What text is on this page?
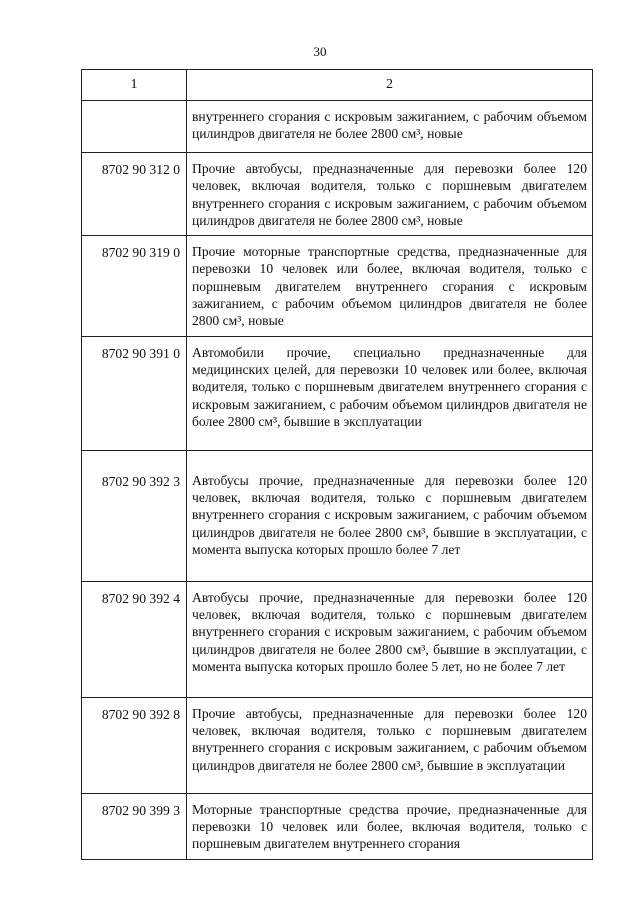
30
1	2
	внутреннего сгорания с искровым зажиганием, с рабочим объемом цилиндров двигателя не более 2800 см³, новые
8702 90 312 0	Прочие автобусы, предназначенные для перевозки более 120 человек, включая водителя, только с поршневым двигателем внутреннего сгорания с искровым зажиганием, с рабочим объемом цилиндров двигателя не более 2800 см³, новые
8702 90 319 0	Прочие моторные транспортные средства, предназначенные для перевозки 10 человек или более, включая водителя, только с поршневым двигателем внутреннего сгорания с искровым зажиганием, с рабочим объемом цилиндров двигателя не более 2800 см³, новые
8702 90 391 0	Автомобили прочие, специально предназначенные для медицинских целей, для перевозки 10 человек или более, включая водителя, только с поршневым двигателем внутреннего сгорания с искровым зажиганием, с рабочим объемом цилиндров двигателя не более 2800 см³, бывшие в эксплуатации
8702 90 392 3	Автобусы прочие, предназначенные для перевозки более 120 человек, включая водителя, только с поршневым двигателем внутреннего сгорания с искровым зажиганием, с рабочим объемом цилиндров двигателя не более 2800 см³, бывшие в эксплуатации, с момента выпуска которых прошло более 7 лет
8702 90 392 4	Автобусы прочие, предназначенные для перевозки более 120 человек, включая водителя, только с поршневым двигателем внутреннего сгорания с искровым зажиганием, с рабочим объемом цилиндров двигателя не более 2800 см³, бывшие в эксплуатации, с момента выпуска которых прошло более 5 лет, но не более 7 лет
8702 90 392 8	Прочие автобусы, предназначенные для перевозки более 120 человек, включая водителя, только с поршневым двигателем внутреннего сгорания с искровым зажиганием, с рабочим объемом цилиндров двигателя не более 2800 см³, бывшие в эксплуатации
8702 90 399 3	Моторные транспортные средства прочие, предназначенные для перевозки 10 человек или более, включая водителя, только с поршневым двигателем внутреннего сгорания
